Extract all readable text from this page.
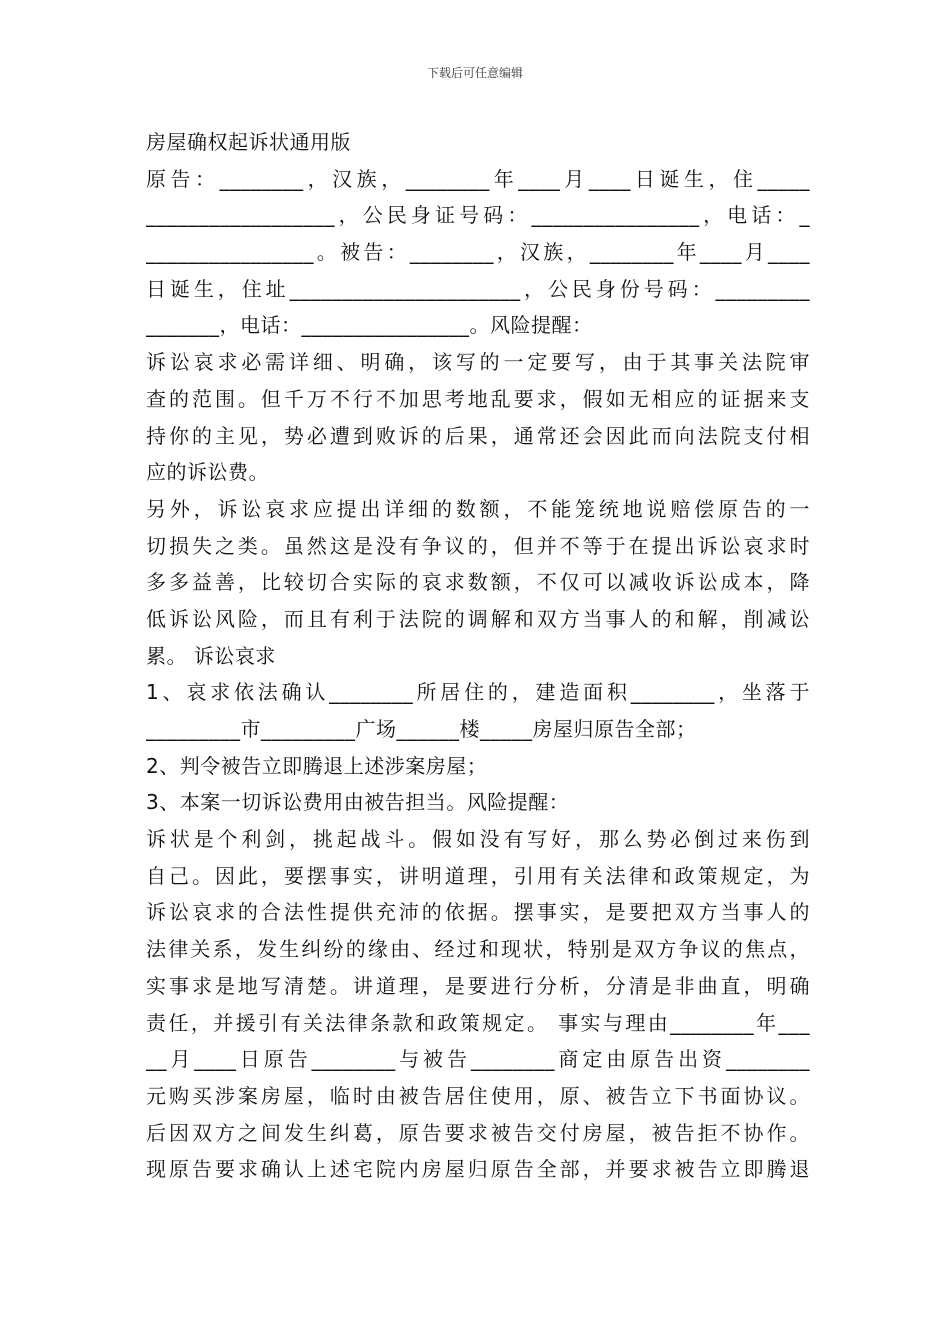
下载后可任意编辑
房屋确权起诉状通用版
原告：________，汉族，________年____月____日诞生，住_____
__________________，公民身证号码：________________，电话：_
________________。被告：________，汉族，________年____月____
日诞生，住址______________________，公民身份号码：_________
_______，电话：________________。风险提醒：
诉讼哀求必需详细、明确，该写的一定要写，由于其事关法院审
查的范围。但千万不行不加思考地乱要求，假如无相应的证据来支
持你的主见，势必遭到败诉的后果，通常还会因此而向法院支付相
应的诉讼费。
另外，诉讼哀求应提出详细的数额，不能笼统地说赔偿原告的一
切损失之类。虽然这是没有争议的，但并不等于在提出诉讼哀求时
多多益善，比较切合实际的哀求数额，不仅可以减收诉讼成本，降
低诉讼风险，而且有利于法院的调解和双方当事人的和解，削减讼
累。 诉讼哀求
1、哀求依法确认________所居住的，建造面积________，坐落于
_________市_________广场______楼_____房屋归原告全部；
2、判令被告立即腾退上述涉案房屋；
3、本案一切诉讼费用由被告担当。风险提醒：
诉状是个利剑，挑起战斗。假如没有写好，那么势必倒过来伤到
自己。因此，要摆事实，讲明道理，引用有关法律和政策规定，为
诉讼哀求的合法性提供充沛的依据。摆事实，是要把双方当事人的
法律关系，发生纠纷的缘由、经过和现状，特别是双方争议的焦点，
实事求是地写清楚。讲道理，是要进行分析，分清是非曲直，明确
责任，并援引有关法律条款和政策规定。 事实与理由________年___
__月____日原告________与被告________商定由原告出资________
元购买涉案房屋，临时由被告居住使用，原、被告立下书面协议。
后因双方之间发生纠葛，原告要求被告交付房屋，被告拒不协作。
现原告要求确认上述宅院内房屋归原告全部，并要求被告立即腾退
